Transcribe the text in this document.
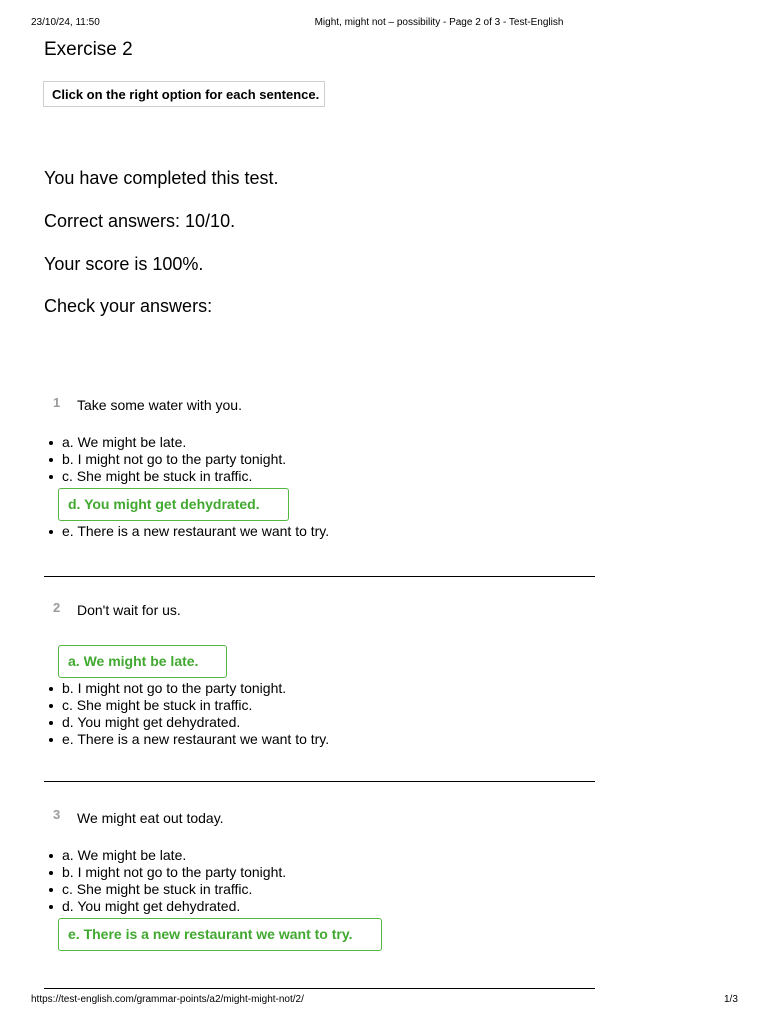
23/10/24, 11:50	Might, might not – possibility - Page 2 of 3 - Test-English
Exercise 2
Click on the right option for each sentence.
You have completed this test.
Correct answers: 10/10.
Your score is 100%.
Check your answers:
1 Take some water with you.
a. We might be late.
b. I might not go to the party tonight.
c. She might be stuck in traffic.
d. You might get dehydrated.
e. There is a new restaurant we want to try.
2 Don't wait for us.
a. We might be late.
b. I might not go to the party tonight.
c. She might be stuck in traffic.
d. You might get dehydrated.
e. There is a new restaurant we want to try.
3 We might eat out today.
a. We might be late.
b. I might not go to the party tonight.
c. She might be stuck in traffic.
d. You might get dehydrated.
e. There is a new restaurant we want to try.
https://test-english.com/grammar-points/a2/might-might-not/2/	1/3
